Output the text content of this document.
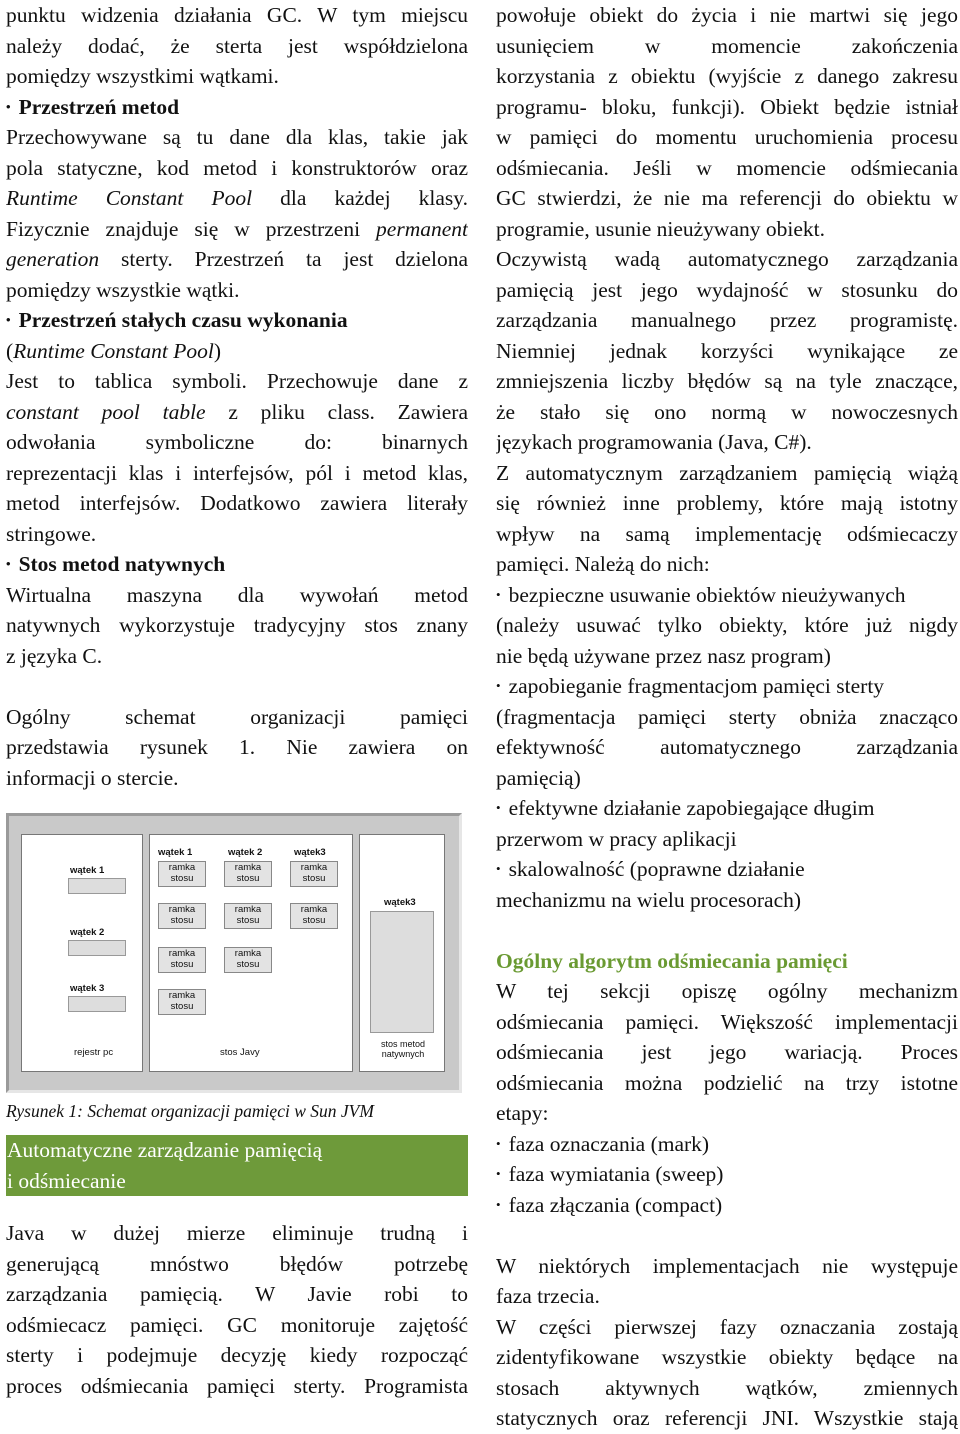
punktu widzenia działania GC. W tym miejscu
należy dodać, że sterta jest współdzielona
pomiędzy wszystkimi wątkami.
• Przestrzeń metod
Przechowywane są tu dane dla klas, takie jak
pola statyczne, kod metod i konstruktorów oraz
Runtime Constant Pool dla każdej klasy.
Fizycznie znajduje się w przestrzeni permanent
generation sterty. Przestrzeń ta jest dzielona
pomiędzy wszystkie wątki.
• Przestrzeń stałych czasu wykonania
(Runtime Constant Pool)
Jest to tablica symboli. Przechowuje dane z
constant pool table z pliku class. Zawiera
odwołania symboliczne do: binarnych
reprezentacji klas i interfejsów, pól i metod klas,
metod interfejsów. Dodatkowo zawiera literały
stringowe.
• Stos metod natywnych
Wirtualna maszyna dla wywołań metod
natywnych wykorzystuje tradycyjny stos znany
z języka C.
Ogólny schemat organizacji pamięci
przedstawia rysunek 1. Nie zawiera on
informacji o stercie.
wątek 1
wątek 2
wątek 3
rejestr pc
wątek 1	wątek 2	wątek3
ramka stosu
ramka stosu
ramka stosu
ramka stosu
ramka stosu
ramka stosu
ramka stosu
ramka stosu
ramka stosu
stos Javy
wątek3
stos metod natywnych
Rysunek 1: Schemat organizacji pamięci w Sun JVM
Automatyczne zarządzanie pamięcią
i odśmiecanie
Java w dużej mierze eliminuje trudną i
generującą mnóstwo błędów potrzebę
zarządzania pamięcią. W Javie robi to
odśmiecacz pamięci. GC monitoruje zajętość
sterty i podejmuje decyzję kiedy rozpocząć
proces odśmiecania pamięci sterty. Programista
powołuje obiekt do życia i nie martwi się jego
usunięciem w momencie zakończenia
korzystania z obiektu (wyjście z danego zakresu
programu- bloku, funkcji). Obiekt będzie istniał
w pamięci do momentu uruchomienia procesu
odśmiecania. Jeśli w momencie odśmiecania
GC stwierdzi, że nie ma referencji do obiektu w
programie, usunie nieużywany obiekt.
Oczywistą wadą automatycznego zarządzania
pamięcią jest jego wydajność w stosunku do
zarządzania manualnego przez programistę.
Niemniej jednak korzyści wynikające ze
zmniejszenia liczby błędów są na tyle znaczące,
że stało się ono normą w nowoczesnych
językach programowania (Java, C#).
Z automatycznym zarządzaniem pamięcią wiążą
się również inne problemy, które mają istotny
wpływ na samą implementację odśmiecaczy
pamięci. Należą do nich:
• bezpieczne usuwanie obiektów nieużywanych
(należy usuwać tylko obiekty, które już nigdy
nie będą używane przez nasz program)
• zapobieganie fragmentacjom pamięci sterty
(fragmentacja pamięci sterty obniża znacząco
efektywność automatycznego zarządzania
pamięcią)
• efektywne działanie zapobiegające długim
przerwom w pracy aplikacji
• skalowalność (poprawne działanie
mechanizmu na wielu procesorach)
Ogólny algorytm odśmiecania pamięci
W tej sekcji opiszę ogólny mechanizm
odśmiecania pamięci. Większość implementacji
odśmiecania jest jego wariacją. Proces
odśmiecania można podzielić na trzy istotne
etapy:
• faza oznaczania (mark)
• faza wymiatania (sweep)
• faza złączania (compact)
W niektórych implementacjach nie występuje
faza trzecia.
W części pierwszej fazy oznaczania zostają
zidentyfikowane wszystkie obiekty będące na
stosach aktywnych wątków, zmiennych
statycznych oraz referencji JNI. Wszystkie stają
